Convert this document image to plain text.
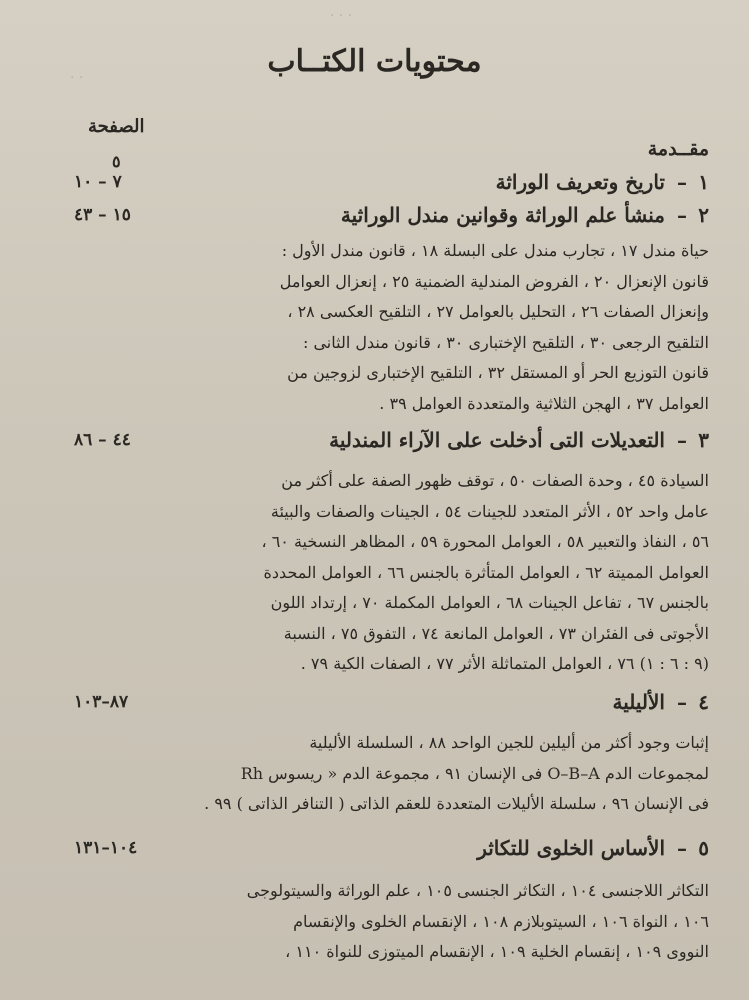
· · ·
· ·	محتويات الكتــاب
الصفحة
مقــدمة
٥
١
–
تاريخ وتعريف الوراثة
٧ – ١٠
٢
–
منشأ علم الوراثة وقوانين مندل الوراثية
١٥ – ٤٣
حياة مندل ١٧ ، تجارب مندل على البسلة ١٨ ، قانون مندل الأول :
قانون الإنعزال ٢٠ ، الفروض المندلية الضمنية ٢٥ ، إنعزال العوامل
وإنعزال الصفات ٢٦ ، التحليل بالعوامل ٢٧ ، التلقيح العكسى ٢٨ ،
التلقيح الرجعى ٣٠ ، التلقيح الإختبارى ٣٠ ، قانون مندل الثانى :
قانون التوزيع الحر أو المستقل ٣٢ ، التلقيح الإختبارى لزوجين من
العوامل ٣٧ ، الهجن الثلاثية والمتعددة العوامل ٣٩ .
٣
–
التعديلات التى أدخلت على الآراء المندلية
٤٤ – ٨٦
السيادة ٤٥ ، وحدة الصفات ٥٠ ، توقف ظهور الصفة على أكثر من
عامل واحد ٥٢ ، الأثر المتعدد للجينات ٥٤ ، الجينات والصفات والبيئة
٥٦ ، النفاذ والتعبير ٥٨ ، العوامل المحورة ٥٩ ، المظاهر النسخية ٦٠ ،
العوامل المميتة ٦٢ ، العوامل المتأثرة بالجنس ٦٦ ، العوامل المحددة
بالجنس ٦٧ ، تفاعل الجينات ٦٨ ، العوامل المكملة ٧٠ ، إرتداد اللون
الأجوتى فى الفئران ٧٣ ، العوامل المانعة ٧٤ ، التفوق ٧٥ ، النسبة
(٩ : ٦ : ١) ٧٦ ، العوامل المتماثلة الأثر ٧٧ ، الصفات الكية ٧٩ .
٤
–
الأليلية
٨٧–١٠٣
إثبات وجود أكثر من أليلين للجين الواحد ٨٨ ، السلسلة الأليلية
لمجموعات الدم O–B–A فى الإنسان ٩١ ، مجموعة الدم « ريسوس Rh
فى الإنسان ٩٦ ، سلسلة الأليلات المتعددة للعقم الذاتى ( التنافر الذاتى ) ٩٩ .
٥
–
الأساس الخلوى للتكاثر
١٠٤–١٣١
التكاثر اللاجنسى ١٠٤ ، التكاثر الجنسى ١٠٥ ، علم الوراثة والسيتولوجى
١٠٦ ، النواة ١٠٦ ، السيتوبلازم ١٠٨ ، الإنقسام الخلوى والإنقسام
النووى ١٠٩ ، إنقسام الخلية ١٠٩ ، الإنقسام الميتوزى للنواة ١١٠ ،
